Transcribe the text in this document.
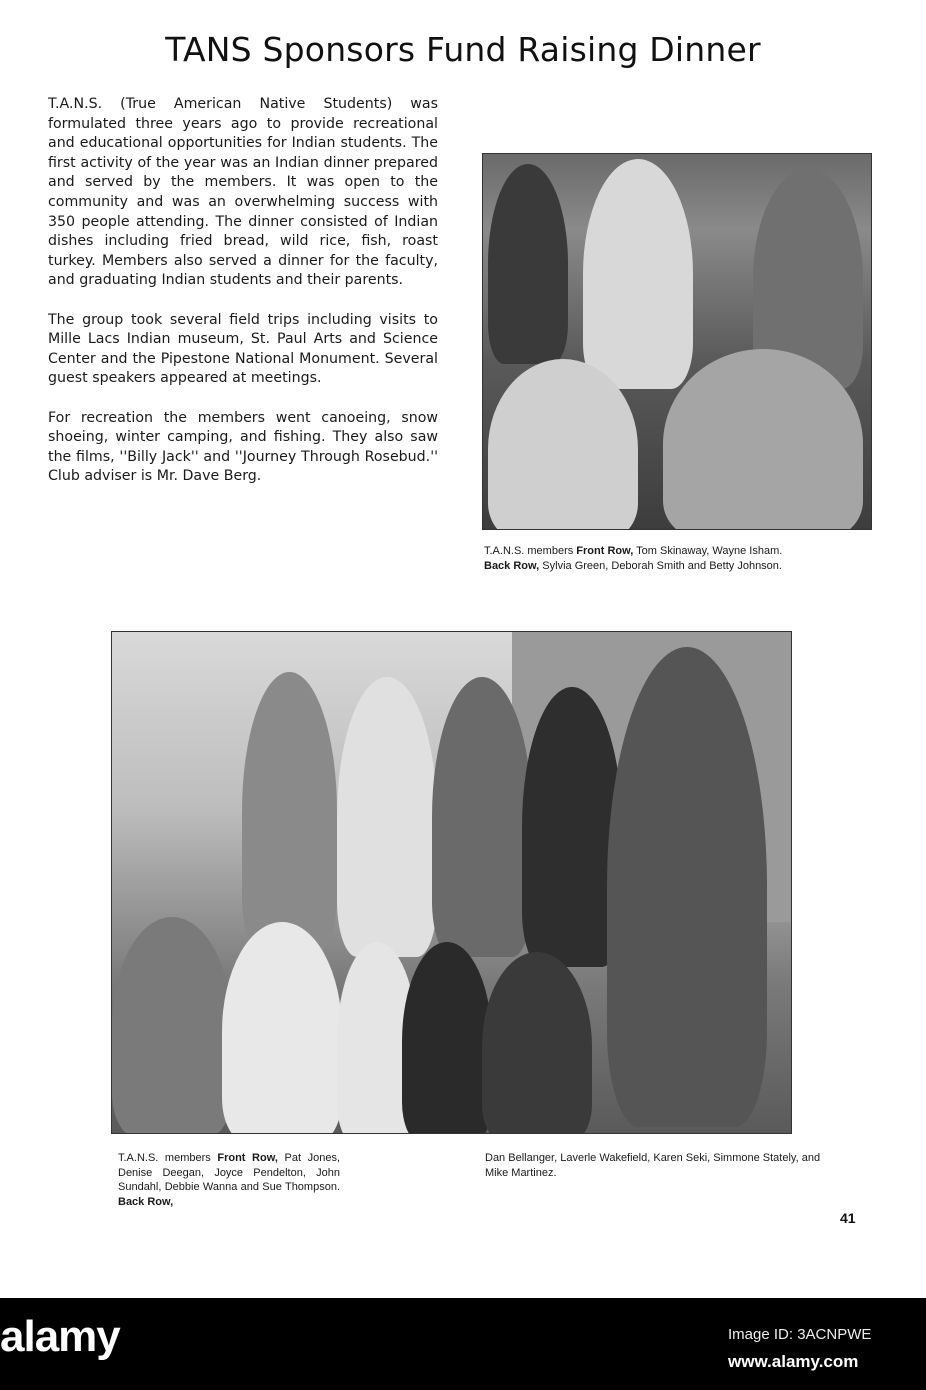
TANS Sponsors Fund Raising Dinner

T.A.N.S. (True American Native Students) was formulated three years ago to provide recreational and educational opportunities for Indian students. The first activity of the year was an Indian dinner prepared and served by the members. It was open to the community and was an overwhelming success with 350 people attending. The dinner consisted of Indian dishes including fried bread, wild rice, fish, roast turkey. Members also served a dinner for the faculty, and graduating Indian students and their parents.

The group took several field trips including visits to Mille Lacs Indian museum, St. Paul Arts and Science Center and the Pipestone National Monument. Several guest speakers appeared at meetings.

For recreation the members went canoeing, snow shoeing, winter camping, and fishing. They also saw the films, ''Billy Jack'' and ''Journey Through Rosebud.'' Club adviser is Mr. Dave Berg.

T.A.N.S. members Front Row, Tom Skinaway, Wayne Isham.
Back Row, Sylvia Green, Deborah Smith and Betty Johnson.
T.A.N.S. members Front Row, Pat Jones, Denise Deegan, Joyce Pendelton, John Sundahl, Debbie Wanna and Sue Thompson. Back Row,
Dan Bellanger, Laverle Wakefield, Karen Seki, Simmone Stately, and Mike Martinez.
41
alamy	Image ID: 3ACNPWE
www.alamy.com
